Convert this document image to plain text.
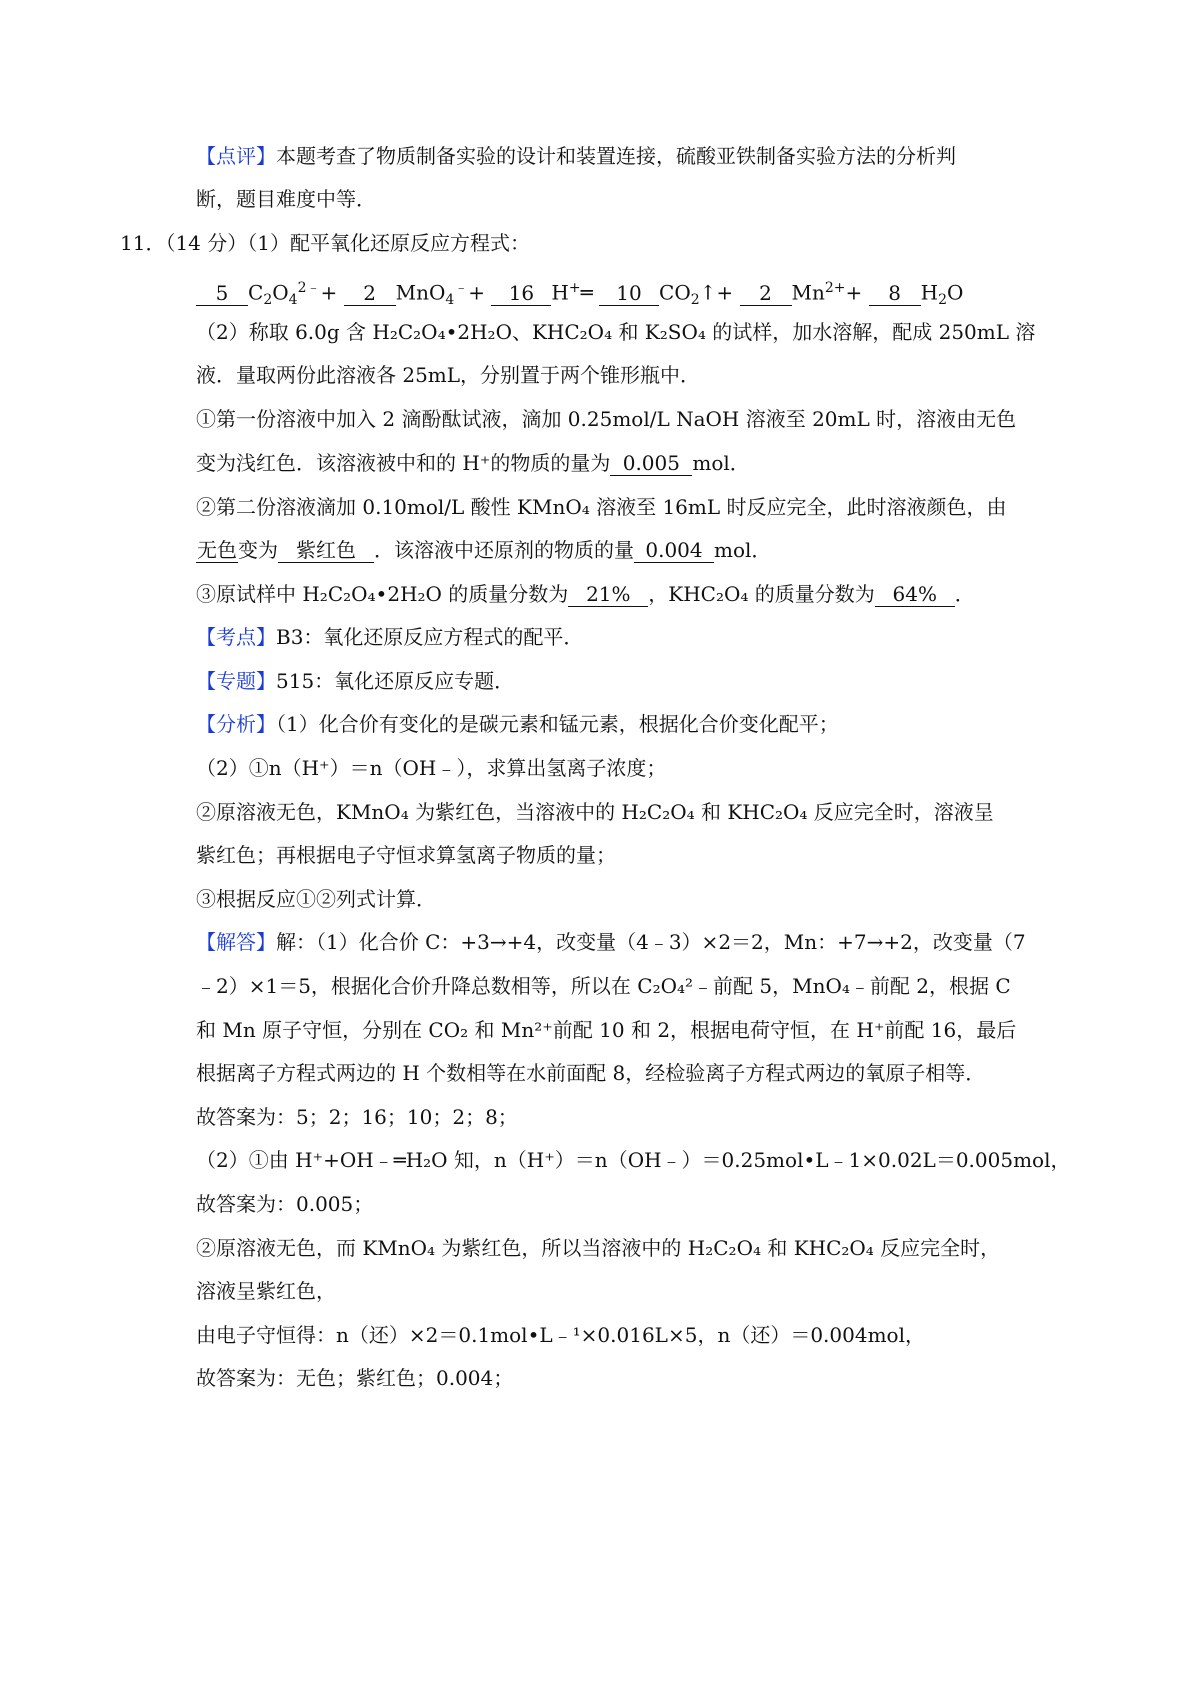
【点评】本题考查了物质制备实验的设计和装置连接，硫酸亚铁制备实验方法的分析判
断，题目难度中等．
11．（14 分）（1）配平氧化还原反应方程式：
5 $C_2O_4^{2﹣}+ 2$ MnO$_4$﹣+ 16 H+═ 10 $CO_2↑+ 2$ $Mn^{2+}+ 8$ $H_2O$
（2）称取 6.0g 含 H₂C₂O₄•2H₂O、KHC₂O₄ 和 K₂SO₄ 的试样，加水溶解，配成 250mL 溶
液．量取两份此溶液各 25mL，分别置于两个锥形瓶中．
①第一份溶液中加入 2 滴酚酞试液，滴加 0.25mol/L NaOH 溶液至 20mL 时，溶液由无色
变为浅红色．该溶液被中和的 H⁺的物质的量为 0.005 mol．
②第二份溶液滴加 0.10mol/L 酸性 KMnO₄ 溶液至 16mL 时反应完全，此时溶液颜色，由
无色变为 紫红色 ．该溶液中还原剂的物质的量 0.004 mol．
③原试样中 H₂C₂O₄•2H₂O 的质量分数为 21% ，KHC₂O₄ 的质量分数为 64% ．
【考点】B3：氧化还原反应方程式的配平．
【专题】515：氧化还原反应专题．
【分析】（1）化合价有变化的是碳元素和锰元素，根据化合价变化配平；
（2）①n（H⁺）＝n（OH﹣），求算出氢离子浓度；
②原溶液无色，KMnO₄ 为紫红色，当溶液中的 H₂C₂O₄ 和 KHC₂O₄ 反应完全时，溶液呈
紫红色；再根据电子守恒求算氢离子物质的量；
③根据反应①②列式计算．
【解答】解：（1）化合价 C：+3→+4，改变量（4﹣3）×2＝2，Mn：+7→+2，改变量（7
﹣2）×1＝5，根据化合价升降总数相等，所以在 C₂O₄²﹣前配 5，MnO₄﹣前配 2，根据 C
和 Mn 原子守恒，分别在 CO₂ 和 Mn²⁺前配 10 和 2，根据电荷守恒，在 H⁺前配 16，最后
根据离子方程式两边的 H 个数相等在水前面配 8，经检验离子方程式两边的氧原子相等．
故答案为：5；2；16；10；2；8；
（2）①由 H⁺+OH﹣═H₂O 知，n（H⁺）＝n（OH﹣）＝0.25mol•L﹣1×0.02L＝0.005mol，
故答案为：0.005；
②原溶液无色，而 KMnO₄ 为紫红色，所以当溶液中的 H₂C₂O₄ 和 KHC₂O₄ 反应完全时，
溶液呈紫红色，
由电子守恒得：n（还）×2＝0.1mol•L﹣¹×0.016L×5，n（还）＝0.004mol，
故答案为：无色；紫红色；0.004；
